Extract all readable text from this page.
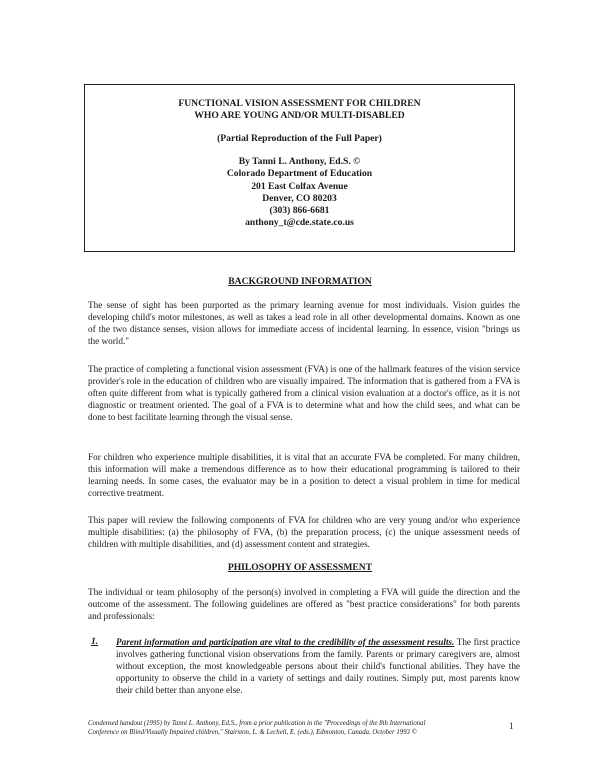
FUNCTIONAL VISION ASSESSMENT FOR CHILDREN
WHO ARE YOUNG AND/OR MULTI-DISABLED
(Partial Reproduction of the Full Paper)
By Tanni L. Anthony, Ed.S. ©
Colorado Department of Education
201 East Colfax Avenue
Denver, CO 80203
(303) 866-6681
anthony_t@cde.state.co.us
BACKGROUND INFORMATION

The sense of sight has been purported as the primary learning avenue for most individuals. Vision guides the developing child's motor milestones, as well as takes a lead role in all other developmental domains. Known as one of the two distance senses, vision allows for immediate access of incidental learning. In essence, vision "brings us the world."

The practice of completing a functional vision assessment (FVA) is one of the hallmark features of the vision service provider's role in the education of children who are visually impaired. The information that is gathered from a FVA is often quite different from what is typically gathered from a clinical vision evaluation at a doctor's office, as it is not diagnostic or treatment oriented. The goal of a FVA is to determine what and how the child sees, and what can be done to best facilitate learning through the visual sense.

For children who experience multiple disabilities, it is vital that an accurate FVA be completed. For many children, this information will make a tremendous difference as to how their educational programming is tailored to their learning needs. In some cases, the evaluator may be in a position to detect a visual problem in time for medical corrective treatment.

This paper will review the following components of FVA for children who are very young and/or who experience multiple disabilities: (a) the philosophy of FVA, (b) the preparation process, (c) the unique assessment needs of children with multiple disabilities, and (d) assessment content and strategies.

PHILOSOPHY OF ASSESSMENT

The individual or team philosophy of the person(s) involved in completing a FVA will guide the direction and the outcome of the assessment. The following guidelines are offered as "best practice considerations" for both parents and professionals:

1. Parent information and participation are vital to the credibility of the assessment results. The first practice involves gathering functional vision observations from the family. Parents or primary caregivers are, almost without exception, the most knowledgeable persons about their child's functional abilities. They have the opportunity to observe the child in a variety of settings and daily routines. Simply put, most parents know their child better than anyone else.

Condensed handout (1995) by Tanni L. Anthony, Ed.S., from a prior publication in the "Proceedings of the 8th International
Conference on Blind/Visually Impaired children," Stairston, L. & Lechelt, E. (eds.), Edmonton, Canada, October 1993 ©
1
